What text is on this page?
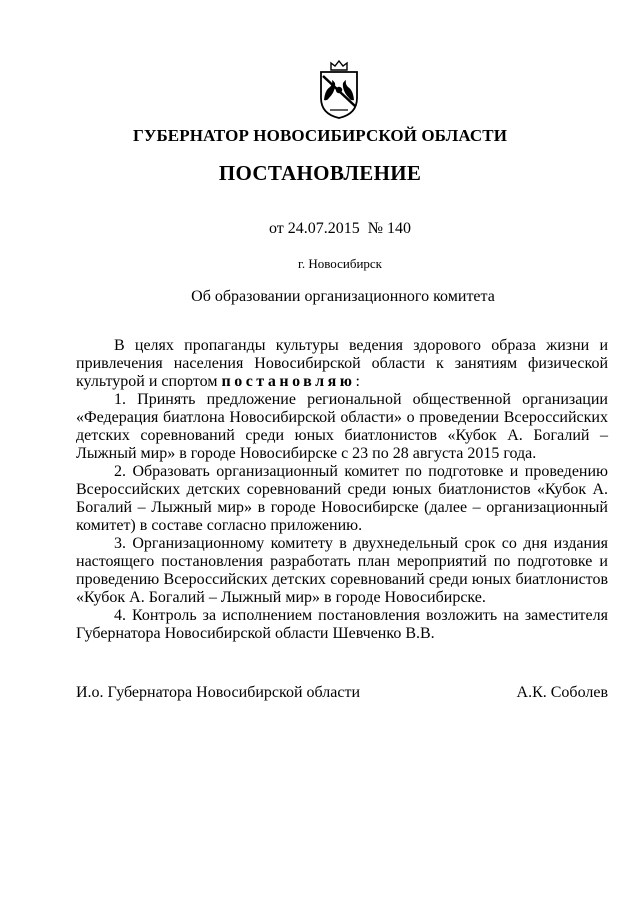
ГУБЕРНАТОР НОВОСИБИРСКОЙ ОБЛАСТИ
ПОСТАНОВЛЕНИЕ
от 24.07.2015  № 140
г. Новосибирск
Об образовании организационного комитета

В целях пропаганды культуры ведения здорового образа жизни и привлечения населения Новосибирской области к занятиям физической культурой и спортом постановляю:

1. Принять предложение региональной общественной организации «Федерация биатлона Новосибирской области» о проведении Всероссийских детских соревнований среди юных биатлонистов «Кубок А. Богалий – Лыжный мир» в городе Новосибирске с 23 по 28 августа 2015 года.

2. Образовать организационный комитет по подготовке и проведению Всероссийских детских соревнований среди юных биатлонистов «Кубок А. Богалий – Лыжный мир» в городе Новосибирске (далее – организационный комитет) в составе согласно приложению.

3. Организационному комитету в двухнедельный срок со дня издания настоящего постановления разработать план мероприятий по подготовке и проведению Всероссийских детских соревнований среди юных биатлонистов «Кубок А. Богалий – Лыжный мир» в городе Новосибирске.

4. Контроль за исполнением постановления возложить на заместителя Губернатора Новосибирской области Шевченко В.В.

И.о. Губернатора Новосибирской области	А.К. Соболев
